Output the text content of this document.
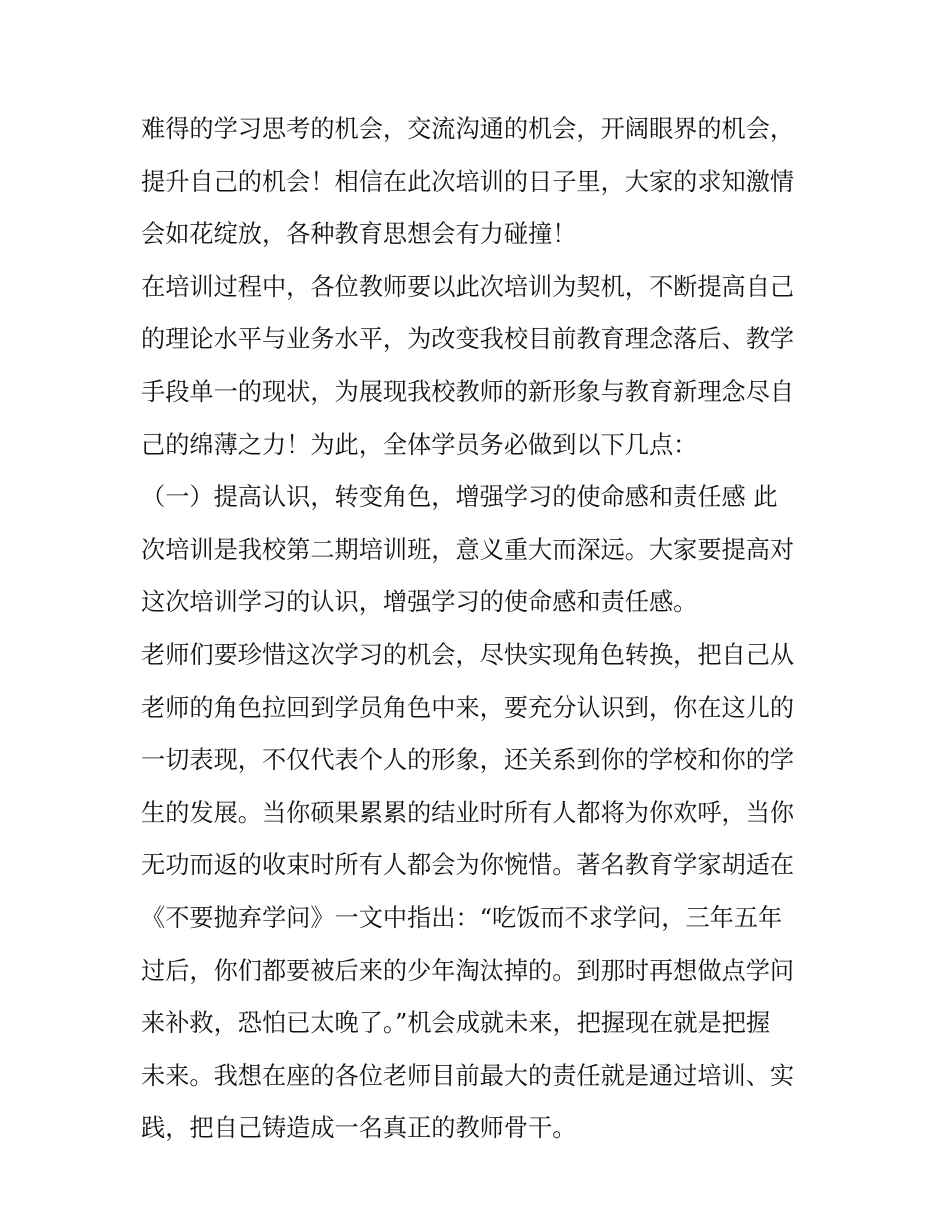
难得的学习思考的机会，交流沟通的机会，开阔眼界的机会，
提升自己的机会！相信在此次培训的日子里，大家的求知激情
会如花绽放，各种教育思想会有力碰撞！
在培训过程中，各位教师要以此次培训为契机，不断提高自己
的理论水平与业务水平，为改变我校目前教育理念落后、教学
手段单一的现状，为展现我校教师的新形象与教育新理念尽自
己的绵薄之力！为此，全体学员务必做到以下几点：
（一）提高认识，转变角色，增强学习的使命感和责任感 此
次培训是我校第二期培训班，意义重大而深远。大家要提高对
这次培训学习的认识，增强学习的使命感和责任感。
老师们要珍惜这次学习的机会，尽快实现角色转换，把自己从
老师的角色拉回到学员角色中来，要充分认识到，你在这儿的
一切表现，不仅代表个人的形象，还关系到你的学校和你的学
生的发展。当你硕果累累的结业时所有人都将为你欢呼，当你
无功而返的收束时所有人都会为你惋惜。著名教育学家胡适在
《不要抛弃学问》一文中指出：“吃饭而不求学问，三年五年
过后，你们都要被后来的少年淘汰掉的。到那时再想做点学问
来补救，恐怕已太晚了。”机会成就未来，把握现在就是把握
未来。我想在座的各位老师目前最大的责任就是通过培训、实
践，把自己铸造成一名真正的教师骨干。
